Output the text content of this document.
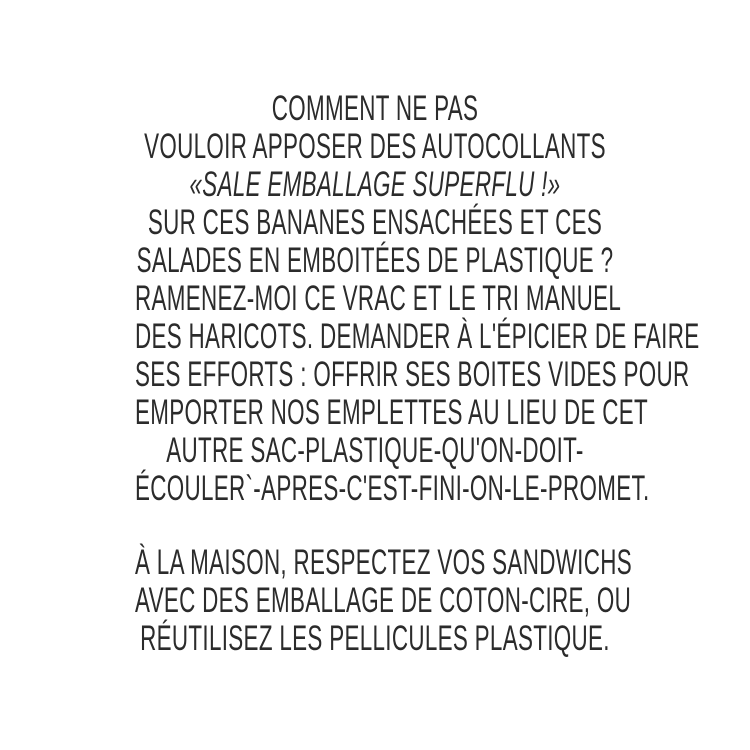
COMMENT NE PAS
VOULOIR APPOSER DES AUTOCOLLANTS
«SALE EMBALLAGE SUPERFLU !»
SUR CES BANANES ENSACHÉES ET CES
SALADES EN EMBOITÉES DE PLASTIQUE ?
RAMENEZ-MOI CE VRAC ET LE TRI MANUEL
DES HARICOTS. DEMANDER À L'ÉPICIER DE FAIRE
SES EFFORTS : OFFRIR SES BOITES VIDES POUR
EMPORTER NOS EMPLETTES AU LIEU DE CET
AUTRE SAC-PLASTIQUE-QU'ON-DOIT-
ÉCOULER`-APRES-C'EST-FINI-ON-LE-PROMET.
À LA MAISON, RESPECTEZ VOS SANDWICHS
AVEC DES EMBALLAGE DE COTON-CIRE, OU
RÉUTILISEZ LES PELLICULES PLASTIQUE.
